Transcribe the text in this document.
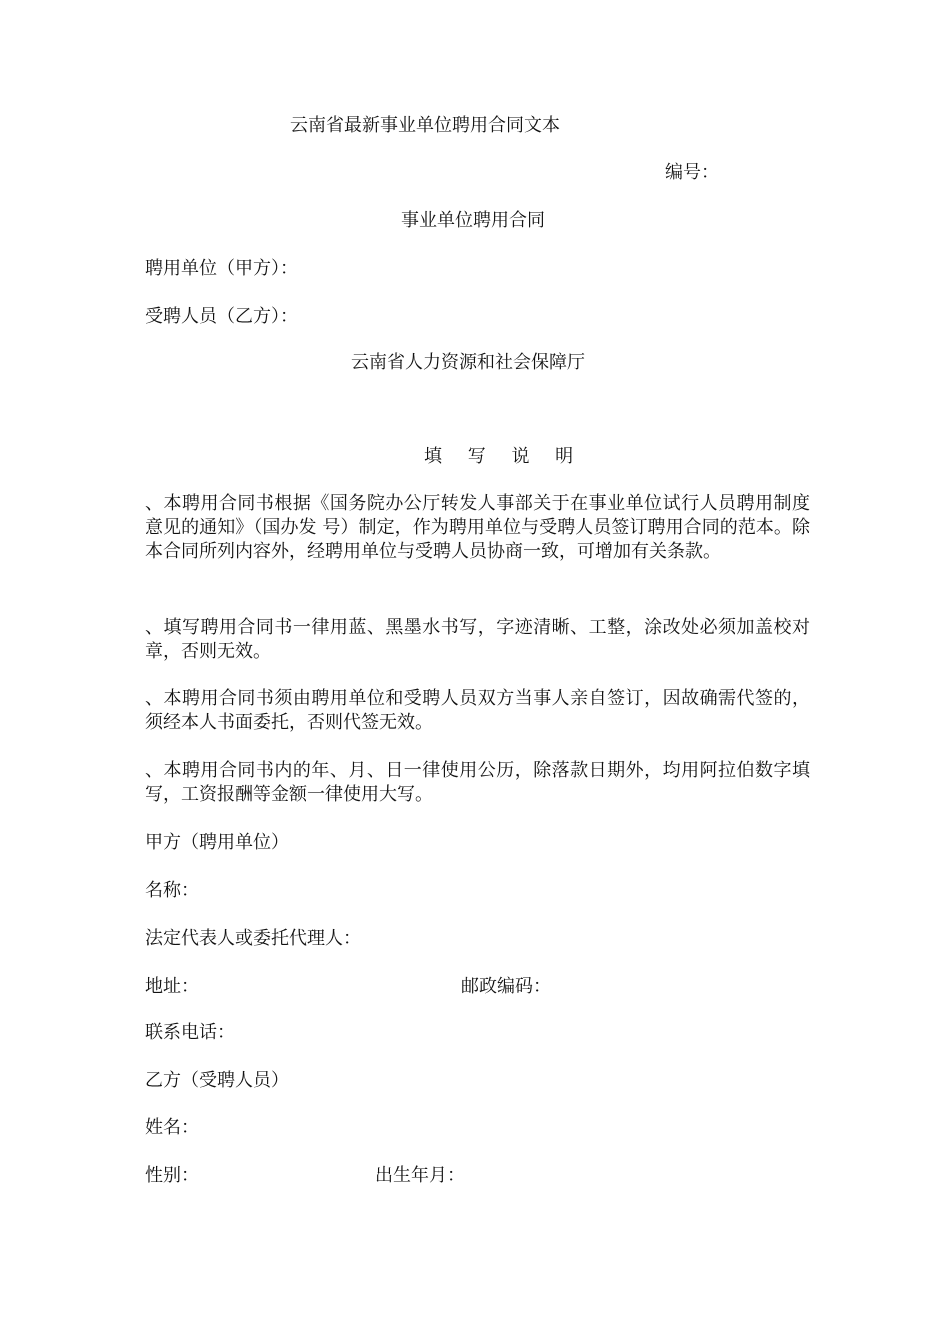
云南省最新事业单位聘用合同文本
编号：
事业单位聘用合同
聘用单位（甲方）：
受聘人员（乙方）：
云南省人力资源和社会保障厅
填 写 说 明
、本聘用合同书根据《国务院办公厅转发人事部关于在事业单位试行人员聘用制度意见的通知》（国办发 号）制定，作为聘用单位与受聘人员签订聘用合同的范本。除本合同所列内容外，经聘用单位与受聘人员协商一致，可增加有关条款。
、填写聘用合同书一律用蓝、黑墨水书写，字迹清晰、工整，涂改处必须加盖校对章，否则无效。
、本聘用合同书须由聘用单位和受聘人员双方当事人亲自签订，因故确需代签的，须经本人书面委托，否则代签无效。
、本聘用合同书内的年、月、日一律使用公历，除落款日期外，均用阿拉伯数字填写，工资报酬等金额一律使用大写。
甲方（聘用单位）
名称：
法定代表人或委托代理人：
地址：	邮政编码：
联系电话：
乙方（受聘人员）
姓名：
性别：	出生年月：
